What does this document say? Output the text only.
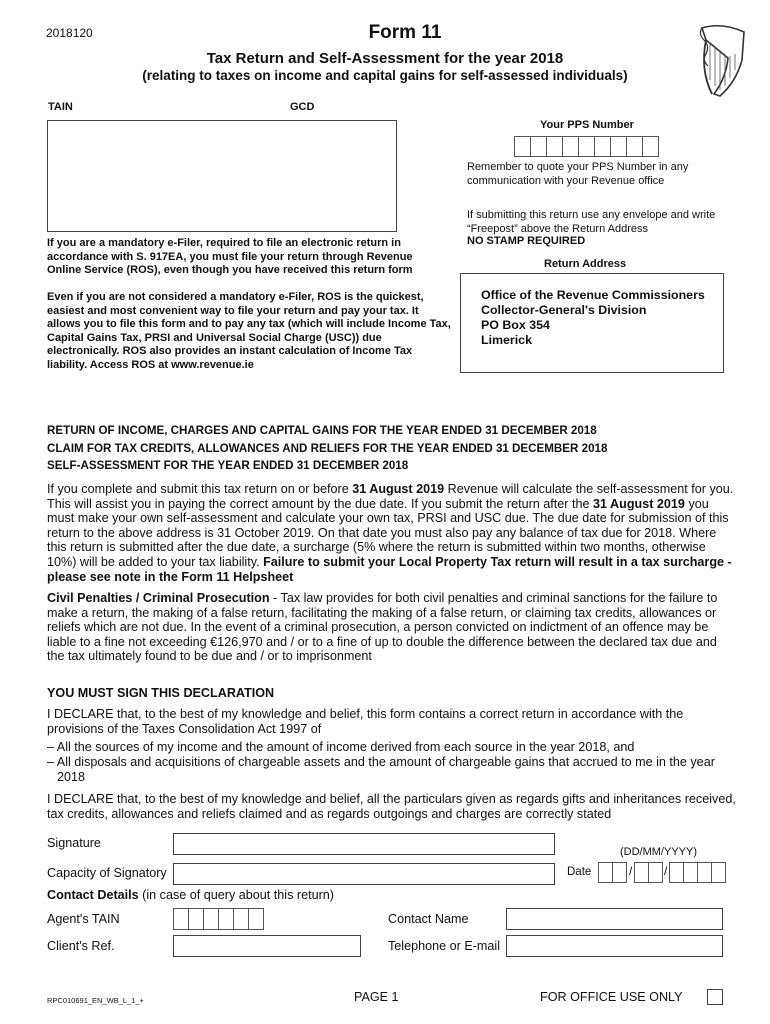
2018120	Form 11
Tax Return and Self-Assessment for the year 2018
(relating to taxes on income and capital gains for self-assessed individuals)
TAIN	GCD
Your PPS Number
Remember to quote your PPS Number in any communication with your Revenue office
If submitting this return use any envelope and write “Freepost” above the Return Address
NO STAMP REQUIRED
Return Address
Office of the Revenue Commissioners
Collector-General's Division
PO Box 354
Limerick
If you are a mandatory e-Filer, required to file an electronic return in accordance with S. 917EA, you must file your return through Revenue Online Service (ROS), even though you have received this return form
Even if you are not considered a mandatory e-Filer, ROS is the quickest, easiest and most convenient way to file your return and pay your tax. It allows you to file this form and to pay any tax (which will include Income Tax, Capital Gains Tax, PRSI and Universal Social Charge (USC)) due electronically. ROS also provides an instant calculation of Income Tax liability. Access ROS at www.revenue.ie
RETURN OF INCOME, CHARGES AND CAPITAL GAINS FOR THE YEAR ENDED 31 DECEMBER 2018
CLAIM FOR TAX CREDITS, ALLOWANCES AND RELIEFS FOR THE YEAR ENDED 31 DECEMBER 2018
SELF-ASSESSMENT FOR THE YEAR ENDED 31 DECEMBER 2018

If you complete and submit this tax return on or before 31 August 2019 Revenue will calculate the self-assessment for you. This will assist you in paying the correct amount by the due date. If you submit the return after the 31 August 2019 you must make your own self-assessment and calculate your own tax, PRSI and USC due. The due date for submission of this return to the above address is 31 October 2019. On that date you must also pay any balance of tax due for 2018. Where this return is submitted after the due date, a surcharge (5% where the return is submitted within two months, otherwise 10%) will be added to your tax liability. Failure to submit your Local Property Tax return will result in a tax surcharge - please see note in the Form 11 Helpsheet

Civil Penalties / Criminal Prosecution - Tax law provides for both civil penalties and criminal sanctions for the failure to make a return, the making of a false return, facilitating the making of a false return, or claiming tax credits, allowances or reliefs which are not due. In the event of a criminal prosecution, a person convicted on indictment of an offence may be liable to a fine not exceeding €126,970 and / or to a fine of up to double the difference between the declared tax due and the tax ultimately found to be due and / or to imprisonment

YOU MUST SIGN THIS DECLARATION

I DECLARE that, to the best of my knowledge and belief, this form contains a correct return in accordance with the provisions of the Taxes Consolidation Act 1997 of

– All the sources of my income and the amount of income derived from each source in the year 2018, and

– All disposals and acquisitions of chargeable assets and the amount of chargeable gains that accrued to me in the year 2018

I DECLARE that, to the best of my knowledge and belief, all the particulars given as regards gifts and inheritances received, tax credits, allowances and reliefs claimed and as regards outgoings and charges are correctly stated

Signature
(DD/MM/YYYY)
Capacity of Signatory	Date	/	/
Contact Details (in case of query about this return)
Agent's TAIN	Contact Name
Client's Ref.	Telephone or E-mail
RPC010691_EN_WB_L_1_+	PAGE 1	FOR OFFICE USE ONLY
